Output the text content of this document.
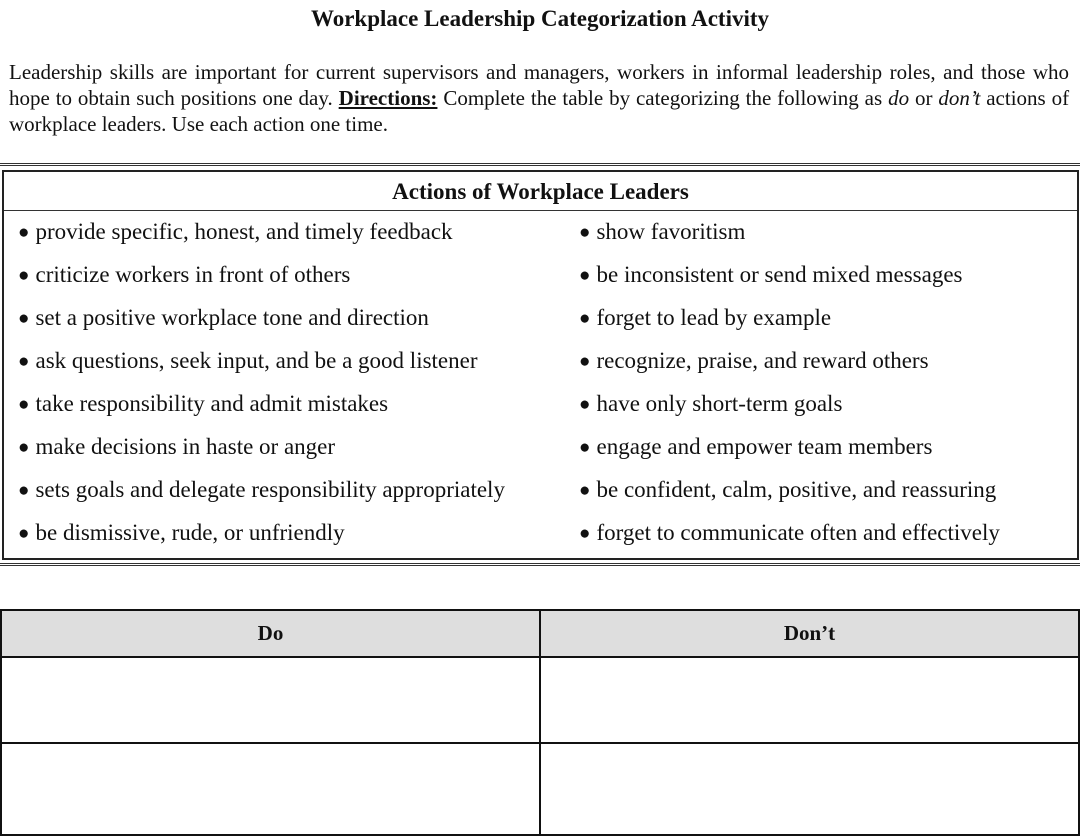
Workplace Leadership Categorization Activity
Leadership skills are important for current supervisors and managers, workers in informal leadership roles, and those who hope to obtain such positions one day. Directions: Complete the table by categorizing the following as do or don’t actions of workplace leaders. Use each action one time.
Actions of Workplace Leaders
● provide specific, honest, and timely feedback
● criticize workers in front of others
● set a positive workplace tone and direction
● ask questions, seek input, and be a good listener
● take responsibility and admit mistakes
● make decisions in haste or anger
● sets goals and delegate responsibility appropriately
● be dismissive, rude, or unfriendly
● show favoritism
● be inconsistent or send mixed messages
● forget to lead by example
● recognize, praise, and reward others
● have only short-term goals
● engage and empower team members
● be confident, calm, positive, and reassuring
● forget to communicate often and effectively
Do	Don’t
